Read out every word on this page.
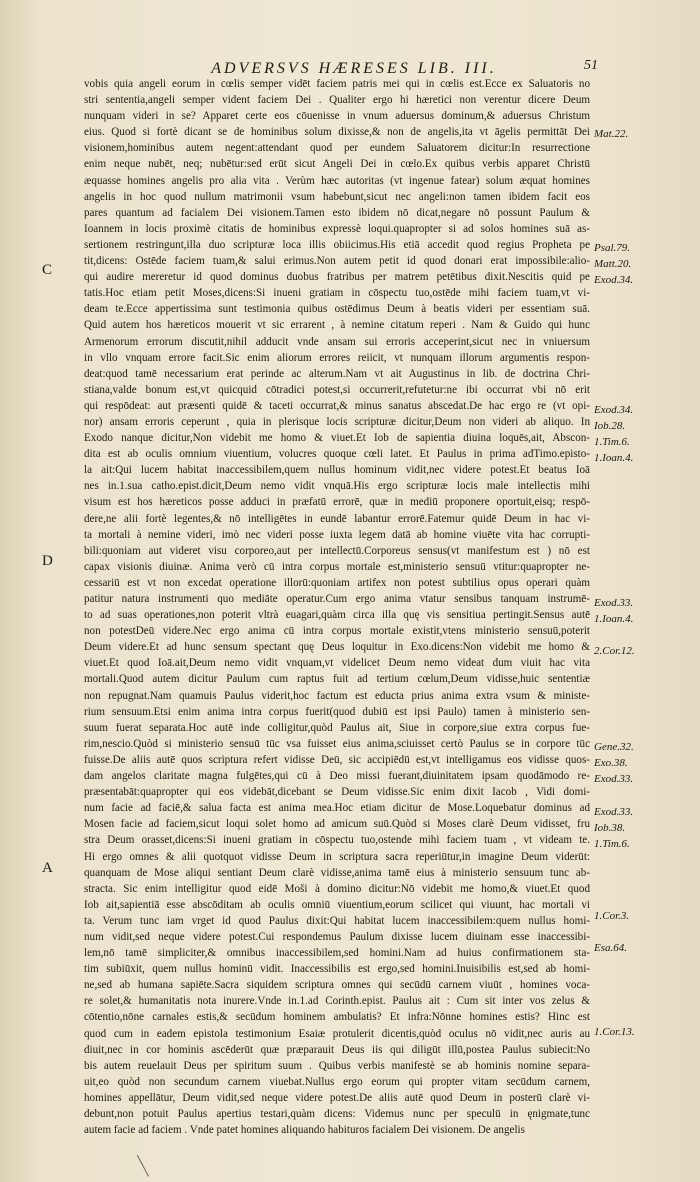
ADVERSVS HÆRESES LIB. III.	51
vobis quia angeli eorum in cœlis semper vidēt faciem patris mei qui in cœlis est.Ecce ex Saluatoris no
stri sententia,angeli semper vident faciem Dei . Qualiter ergo hi hæretici non verentur dicere Deum
nunquam videri in se? Apparet certe eos cōuenisse in vnum aduersus dominum,& aduersus Christum
eius. Quod si fortè dicant se de hominibus solum dixisse,& non de angelis,ita vt āgelis permittāt Dei
visionem,hominibus autem negent:attendant quod per eundem Saluatorem dicitur:In resurrectione
enim neque nubēt, neq; nubētur:sed erūt sicut Angeli Dei in cœlo.Ex quibus verbis apparet Christū
æquasse homines angelis pro alia vita . Verùm hæc autoritas (vt ingenue fatear) solum æquat homines
angelis in hoc quod nullum matrimonii vsum habebunt,sicut nec angeli:non tamen ibidem facit eos
pares quantum ad facialem Dei visionem.Tamen esto ibidem nō dicat,negare nō possunt Paulum &
Ioannem in locis proximè citatis de hominibus expressè loqui.quapropter si ad solos homines suā as-
sertionem restringunt,illa duo scripturæ loca illis obiicimus.His etiā accedit quod regius Propheta pe
tit,dicens: Ostēde faciem tuam,& salui erimus.Non autem petit id quod donari erat impossibile:alio-
qui audire mereretur id quod dominus duobus fratribus per matrem petētibus dixit.Nescitis quid pe
tatis.Hoc etiam petit Moses,dicens:Si inueni gratiam in cōspectu tuo,ostēde mihi faciem tuam,vt vi-
deam te.Ecce appertissima sunt testimonia quibus ostēdimus Deum à beatis videri per essentiam suā.
Quid autem hos hæreticos mouerit vt sic errarent , à nemine citatum reperi . Nam & Guido qui hunc
Armenorum errorum discutit,nihil adducit vnde ansam sui erroris acceperint,sicut nec in vniuersum
in vllo vnquam errore facit.Sic enim aliorum errores reiicit, vt nunquam illorum argumentis respon-
deat:quod tamē necessarium erat perinde ac alterum.Nam vt ait Augustinus in lib. de doctrina Chri-
stiana,valde bonum est,vt quicquid cōtradici potest,si occurrerit,refutetur:ne ibi occurrat vbi nō erit
qui respōdeat: aut præsenti quidē & taceti occurrat,& minus sanatus abscedat.De hac ergo re (vt opi-
nor) ansam erroris ceperunt , quia in plerisque locis scripturæ dicitur,Deum non videri ab aliquo. In
Exodo nanque dicitur,Non videbit me homo & viuet.Et Iob de sapientia diuina loquēs,ait, Abscon-
dita est ab oculis omnium viuentium, volucres quoque cœli latet. Et Paulus in prima adTimo.episto-
la ait:Qui lucem habitat inaccessibilem,quem nullus hominum vidit,nec videre potest.Et beatus Ioā
nes in.1.sua catho.epist.dicit,Deum nemo vidit vnquā.His ergo scripturæ locis male intellectis mihi
visum est hos hæreticos posse adduci in præfatū errorē, quæ in mediū proponere oportuit,eisq; respō-
dere,ne alii fortè legentes,& nō intelligētes in eundē labantur errorē.Fatemur quidē Deum in hac vi-
ta mortali à nemine videri, imò nec videri posse iuxta legem datā ab homine viuēte vita hac corrupti-
bili:quoniam aut videret visu corporeo,aut per intellectū.Corporeus sensus(vt manifestum est ) nō est
capax visionis diuinæ. Anima verò cū intra corpus mortale est,ministerio sensuū vtitur:quapropter ne-
cessariū est vt non excedat operatione illorū:quoniam artifex non potest subtilius opus operari quàm
patitur natura instrumenti quo mediāte operatur.Cum ergo anima vtatur sensibus tanquam instrumē-
to ad suas operationes,non poterit vltrà euagari,quàm circa illa quę vis sensitiua pertingit.Sensus autē
non potestDeū videre.Nec ergo anima cū intra corpus mortale existit,vtens ministerio sensuū,poterit
Deum videre.Et ad hunc sensum spectant quę Deus loquitur in Exo.dicens:Non videbit me homo &
viuet.Et quod Ioā.ait,Deum nemo vidit vnquam,vt videlicet Deum nemo videat dum viuit hac vita
mortali.Quod autem dicitur Paulum cum raptus fuit ad tertium cœlum,Deum vidisse,huic sententiæ
non repugnat.Nam quamuis Paulus viderit,hoc factum est educta prius anima extra vsum & ministe-
rium sensuum.Etsi enim anima intra corpus fuerit(quod dubiū est ipsi Paulo) tamen à ministerio sen-
suum fuerat separata.Hoc autē inde colligitur,quòd Paulus ait, Siue in corpore,siue extra corpus fue-
rim,nescio.Quòd si ministerio sensuū tūc vsa fuisset eius anima,sciuisset certò Paulus se in corpore tūc
fuisse.De aliis autē quos scriptura refert vidisse Deū, sic accipiēdū est,vt intelligamus eos vidisse quos-
dam angelos claritate magna fulgētes,qui cū à Deo missi fuerant,diuinitatem ipsam quodāmodo re-
præsentabāt:quapropter qui eos videbāt,dicebant se Deum vidisse.Sic enim dixit Iacob , Vidi domi-
num facie ad faciē,& salua facta est anima mea.Hoc etiam dicitur de Mose.Loquebatur dominus ad
Mosen facie ad faciem,sicut loqui solet homo ad amicum suū.Quòd si Moses clarè Deum vidisset, fru
stra Deum orasset,dicens:Si inueni gratiam in cōspectu tuo,ostende mihi faciem tuam , vt videam te.
Hi ergo omnes & alii quotquot vidisse Deum in scriptura sacra reperiūtur,in imagine Deum viderūt:
quanquam de Mose aliqui sentiant Deum clarè vidisse,anima tamē eius à ministerio sensuum tunc ab-
stracta. Sic enim intelligitur quod eidē Moši à domino dicitur:Nō videbit me homo,& viuet.Et quod
Iob ait,sapientiā esse abscōditam ab oculis omniū viuentium,eorum scilicet qui viuunt, hac mortali vi
ta. Verum tunc iam vrget id quod Paulus dixit:Qui habitat lucem inaccessibilem:quem nullus homi-
num vidit,sed neque videre potest.Cui respondemus Paulum dixisse lucem diuinam esse inaccessibi-
lem,nō tamē simpliciter,& omnibus inaccessibilem,sed homini.Nam ad huius confirmationem sta-
tim subiūxit, quem nullus hominū vidit. Inaccessibilis est ergo,sed homini.Inuisibilis est,sed ab homi-
ne,sed ab humana sapiēte.Sacra siquidem scriptura omnes qui secūdū carnem viuūt , homines voca-
re solet,& humanitatis nota inurere.Vnde in.1.ad Corinth.epist. Paulus ait : Cum sit inter vos zelus &
cōtentio,nōne carnales estis,& secūdum hominem ambulatis? Et infra:Nōnne homines estis? Hinc est
quod cum in eadem epistola testimonium Esaiæ protulerit dicentis,quòd oculus nō vidit,nec auris au
diuit,nec in cor hominis ascēderūt quæ præparauit Deus iis qui diligūt illū,postea Paulus subiecit:No
bis autem reuelauit Deus per spiritum suum . Quibus verbis manifestè se ab hominis nomine separa-
uit,eo quòd non secundum carnem viuebat.Nullus ergo eorum qui propter vitam secūdum carnem,
homines appellātur, Deum vidit,sed neque videre potest.De aliis autē quod Deum in posterū clarè vi-
debunt,non potuit Paulus apertius testari,quàm dicens: Videmus nunc per speculū in ęnigmate,tunc
autem facie ad faciem . Vnde patet homines aliquando habituros facialem Dei visionem. De angelis
C
D
A
Mat.22.
Psal.79.
Matt.20.
Exod.34.
Exod.34.
Iob.28.
1.Tim.6.
1.Ioan.4.
Exod.33.
1.Ioan.4.
2.Cor.12.
Gene.32.
Exo.38.
Exod.33.
Exod.33.
Iob.38.
1.Tim.6.
1.Cor.3.
Esa.64.
1.Cor.13.
